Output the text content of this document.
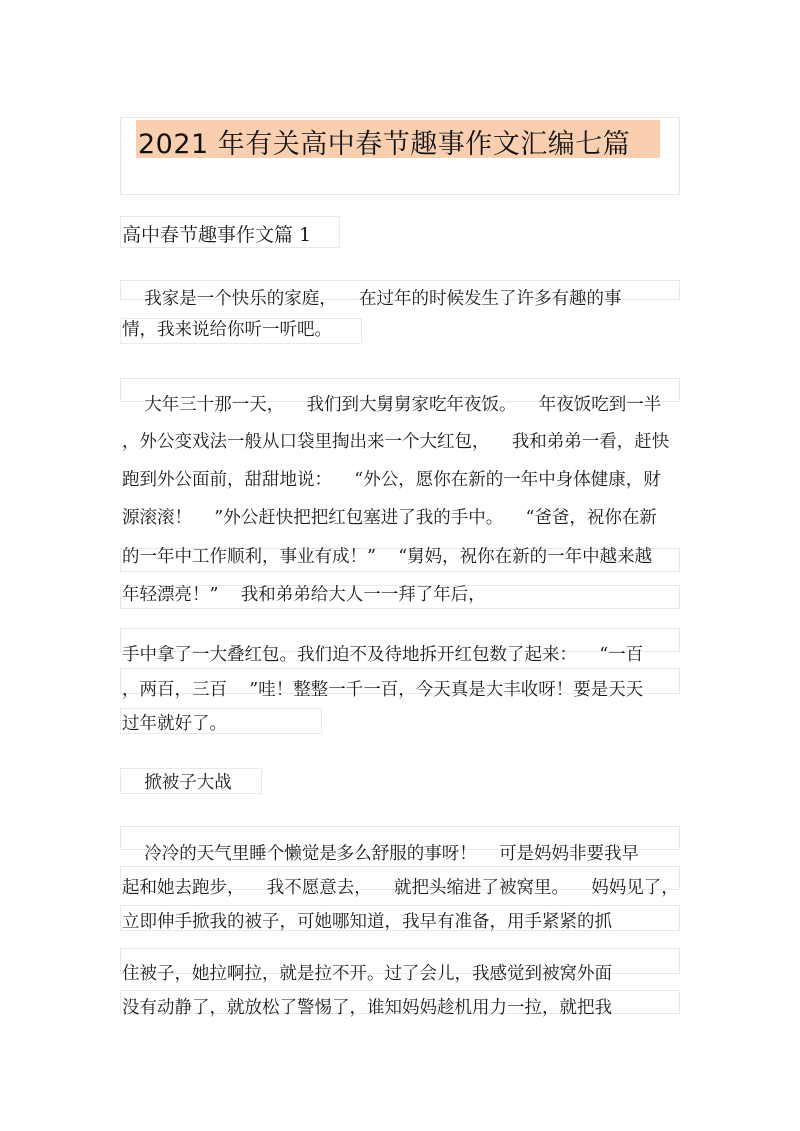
2021 年有关高中春节趣事作文汇编七篇
高中春节趣事作文篇 1
我家是一个快乐的家庭，    在过年的时候发生了许多有趣的事
情，我来说给你听一听吧。
大年三十那一天，    我们到大舅舅家吃年夜饭。    年夜饭吃到一半
，外公变戏法一般从口袋里掏出来一个大红包，    我和弟弟一看，赶快
跑到外公面前，甜甜地说：    “外公，愿你在新的一年中身体健康，财
源滚滚！    ”外公赶快把把红包塞进了我的手中。    “爸爸，祝你在新
的一年中工作顺利，事业有成！”    “舅妈，祝你在新的一年中越来越
年轻漂亮！”    我和弟弟给大人一一拜了年后，
手中拿了一大叠红包。我们迫不及待地拆开红包数了起来：    “一百
，两百，三百    ”哇！整整一千一百，今天真是大丰收呀！要是天天
过年就好了。
掀被子大战
冷冷的天气里睡个懒觉是多么舒服的事呀！    可是妈妈非要我早
起和她去跑步，    我不愿意去，    就把头缩进了被窝里。    妈妈见了，
立即伸手掀我的被子，可她哪知道，我早有准备，用手紧紧的抓
住被子，她拉啊拉，就是拉不开。过了会儿，我感觉到被窝外面
没有动静了，就放松了警惕了，谁知妈妈趁机用力一拉，就把我
